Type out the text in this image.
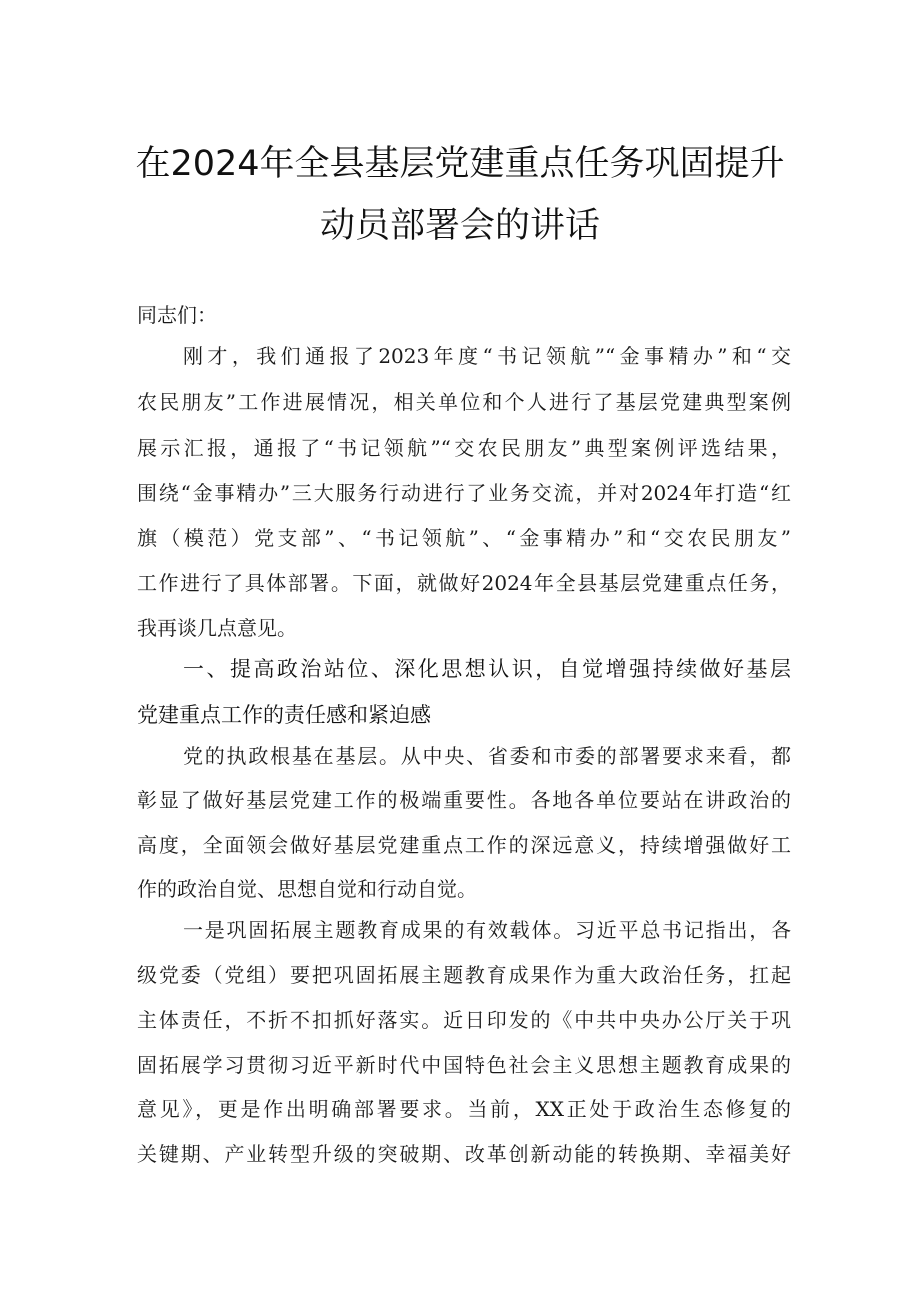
在2024年全县基层党建重点任务巩固提升
动员部署会的讲话
同志们：
刚才，我们通报了2023年度“书记领航”“金事精办”和“交
农民朋友”工作进展情况，相关单位和个人进行了基层党建典型案例
展示汇报，通报了“书记领航”“交农民朋友”典型案例评选结果，
围绕“金事精办”三大服务行动进行了业务交流，并对2024年打造“红
旗（模范）党支部”、“书记领航”、“金事精办”和“交农民朋友”
工作进行了具体部署。下面，就做好2024年全县基层党建重点任务，
我再谈几点意见。
一、提高政治站位、深化思想认识，自觉增强持续做好基层
党建重点工作的责任感和紧迫感
党的执政根基在基层。从中央、省委和市委的部署要求来看，都
彰显了做好基层党建工作的极端重要性。各地各单位要站在讲政治的
高度，全面领会做好基层党建重点工作的深远意义，持续增强做好工
作的政治自觉、思想自觉和行动自觉。
一是巩固拓展主题教育成果的有效载体。习近平总书记指出，各
级党委（党组）要把巩固拓展主题教育成果作为重大政治任务，扛起
主体责任，不折不扣抓好落实。近日印发的《中共中央办公厅关于巩
固拓展学习贯彻习近平新时代中国特色社会主义思想主题教育成果的
意见》，更是作出明确部署要求。当前，XX正处于政治生态修复的
关键期、产业转型升级的突破期、改革创新动能的转换期、幸福美好
